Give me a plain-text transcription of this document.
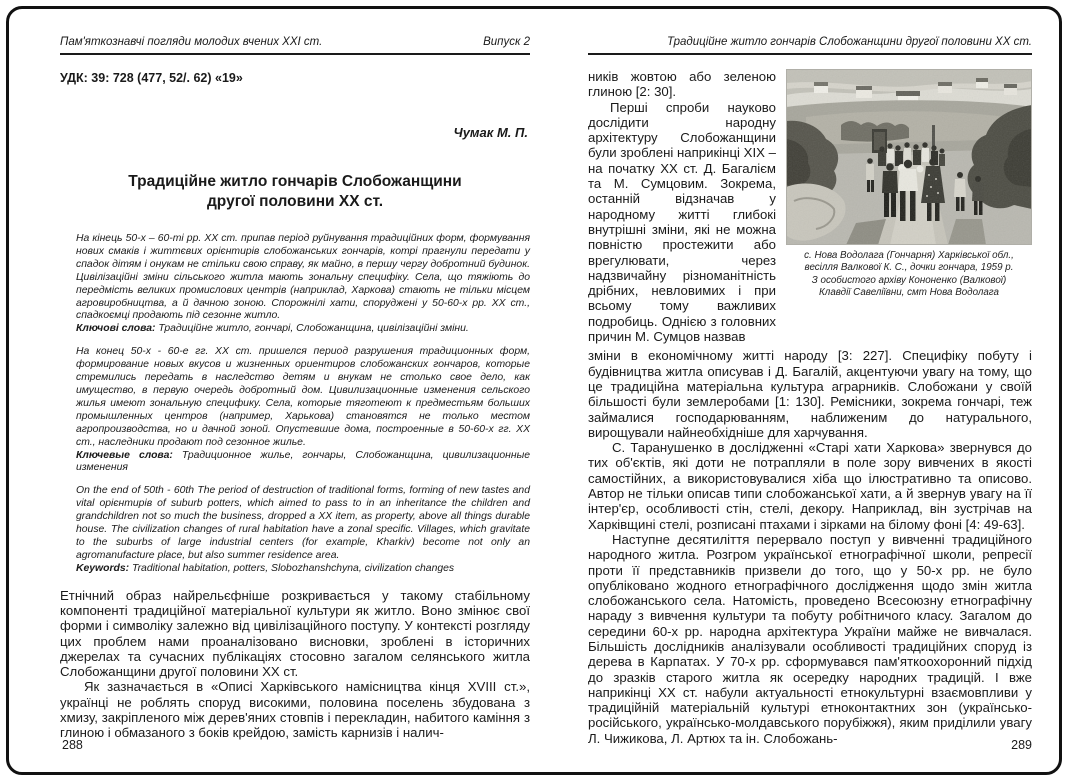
Пам'яткознавчі погляди молодих вчених XXI ст.	Випуск 2
УДК: 39: 728 (477, 52/. 62) «19»
Чумак М. П.
Традиційне житло гончарів Слобожанщини другої половини ХХ ст.
На кінець 50-х – 60-ті рр. ХХ ст. припав період руйнування традиційних форм, формування нових смаків і життєвих орієнтирів слобожанських гончарів, котрі прагнули передати у спадок дітям і онукам не стільки свою справу, як майно, в першу чергу добротний будинок. Цивілізаційні зміни сільського житла мають зональну специфіку. Села, що тяжіють до передмість великих промислових центрів (наприклад, Харкова) стають не тільки місцем агровиробництва, а й дачною зоною. Спорожнілі хати, споруджені у 50-60-х рр. ХХ ст., спадкоємці продають під сезонне житло.
Ключові слова: Традиційне житло, гончарі, Слобожанщина, цивілізаційні зміни.
На конец 50-х - 60-е гг. ХХ ст. пришелся период разрушения традиционных форм, формирование новых вкусов и жизненных ориентиров слобожанских гончаров, которые стремились передать в наследство детям и внукам не столько свое дело, как имущество, в первую очередь добротный дом. Цивилизационные изменения сельского жилья имеют зональную специфику. Села, которые тяготеют к предместьям больших промышленных центров (например, Харькова) становятся не только местом агропроизводства, но и дачной зоной. Опустевшие дома, построенные в 50-60-х гг. ХХ ст., наследники продают под сезонное жилье.
Ключевые слова: Традиционное жилье, гончары, Слобожанщина, цивилизационные изменения
On the end of 50th - 60th The period of destruction of traditional forms, forming of new tastes and vital орієнтирів of suburb potters, which aimed to pass to in an inheritance the children and grandchildren not so much the business, dropped a XX item, as property, above all things durable house. The civilization changes of rural habitation have a zonal specific. Villages, which gravitate to the suburbs of large industrial centers (for example, Kharkiv) become not only an agromanufacture place, but also summer residence area.
Keywords: Traditional habitation, potters, Slobozhanshchyna, civilization changes

Етнічний образ найрельєфніше розкривається у такому стабільному компоненті традиційної матеріальної культури як житло. Воно змінює свої форми і символіку залежно від цивілізаційного поступу. У контексті розгляду цих проблем нами проаналізовано висновки, зроблені в історичних джерелах та сучасних публікаціях стосовно загалом селянського житла Слобожанщини другої половини ХХ ст.

Як зазначається в «Описі Харківського намісництва кінця XVIII ст.», українці не роблять споруд високими, половина поселень збудована з хмизу, закріпленого між дерев'яних стовпів і перекладин, набитого каміння з глиною і обмазаного з боків крейдою, замість карнизів і налич-

Традиційне житло гончарів Слобожанщини другої половини ХХ ст.

ників жовтою або зеленою глиною [2: 30].

Перші спроби науково дослідити народну архітектуру Слобожанщини були зроблені наприкінці XIX – на початку ХХ ст. Д. Багалієм та М. Сумцовим. Зокрема, останній відзначав у народному житті глибокі внутрішні зміни, які не можна повністю простежити або врегулювати, через надзвичайну різноманітність дрібних, невловимих і при всьому тому важливих подробиць. Однією з головних причин М. Сумцов назвав

с. Нова Водолага (Гончарня) Харківської обл.,
весілля Валкової К. С., дочки гончара, 1959 р.
З особистого архіву Кононенко (Валкової)
Клавдії Савеліївни, смт Нова Водолага

зміни в економічному житті народу [3: 227]. Специфіку побуту і будівництва житла описував і Д. Багалій, акцентуючи увагу на тому, що це традиційна матеріальна культура аграрників. Слобожани у своїй більшості були землеробами [1: 130]. Ремісники, зокрема гончарі, теж займалися господарюванням, наближеним до натурального, вирощували найнеобхідніше для харчування.

С. Таранушенко в дослідженні «Старі хати Харкова» звернувся до тих об'єктів, які доти не потрапляли в поле зору вивчених в якості самостійних, а використовувалися хіба що ілюстративно та описово. Автор не тільки описав типи слобожанської хати, а й звернув увагу на її інтер'єр, особливості стін, стелі, декору. Наприклад, він зустрічав на Харківщині стелі, розписані птахами і зірками на білому фоні [4: 49-63].

Наступне десятиліття перервало поступ у вивченні традиційного народного житла. Розгром української етнографічної школи, репресії проти її представників призвели до того, що у 50-х рр. не було опубліковано жодного етнографічного дослідження щодо змін житла слобожанського села. Натомість, проведено Всесоюзну етнографічну нараду з вивчення культури та побуту робітничого класу. Загалом до середини 60-х рр. народна архітектура України майже не вивчалася. Більшість дослідників аналізували особливості традиційних споруд із дерева в Карпатах. У 70-х рр. сформувався пам'яткоохоронний підхід до зразків старого житла як осередку народних традицій. І вже наприкінці ХХ ст. набули актуальності етнокультурні взаємовпливи у традиційній матеріальній культурі етноконтактних зон (українсько-російського, українсько-молдавського порубіжжя), яким приділили увагу Л. Чижикова, Л. Артюх та ін. Слобожань-

288	289
